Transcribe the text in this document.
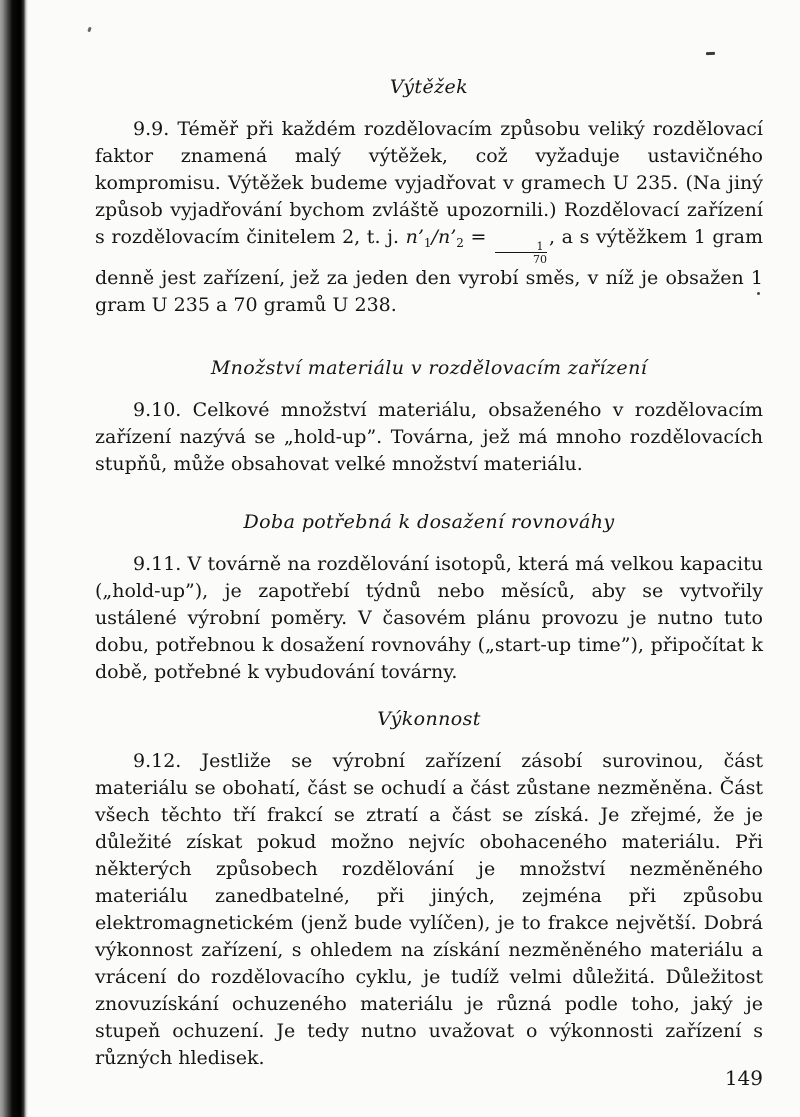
Výtěžek

9.9. Téměř při každém rozdělovacím způsobu veliký rozdělovací faktor znamená malý výtěžek, což vyžaduje ustavičného kompromisu. Výtěžek budeme vyjadřovat v gramech U 235. (Na jiný způsob vyjadřování bychom zvláště upozornili.) Rozdělovací zařízení s rozdělovacím činitelem 2, t. j. $n’_1/n’_2$ =
$\frac{1}{70}$
, a s výtěžkem 1 gram denně jest zařízení, jež za jeden den vyrobí směs, v níž je obsažen 1 gram U 235 a 70 gramů U 238.

Množství materiálu v rozdělovacím zařízení

9.10. Celkové množství materiálu, obsaženého v rozdělovacím zařízení nazývá se „hold-up”. Továrna, jež má mnoho rozdělovacích stupňů, může obsahovat velké množství materiálu.

Doba potřebná k dosažení rovnováhy

9.11. V továrně na rozdělování isotopů, která má velkou kapacitu („hold-up”), je zapotřebí týdnů nebo měsíců, aby se vytvořily ustálené výrobní poměry. V časovém plánu provozu je nutno tuto dobu, potřebnou k dosažení rovnováhy („start-up time”), připočítat k době, potřebné k vybudování továrny.

Výkonnost

9.12. Jestliže se výrobní zařízení zásobí surovinou, část materiálu se obohatí, část se ochudí a část zůstane nezměněna. Část všech těchto tří frakcí se ztratí a část se získá. Je zřejmé, že je důležité získat pokud možno nejvíc obohaceného materiálu. Při některých způsobech rozdělování je množství nezměněného materiálu zanedbatelné, při jiných, zejména při způsobu elektromagnetickém (jenž bude vylíčen), je to frakce největší. Dobrá výkonnost zařízení, s ohledem na získání nezměněného materiálu a vrácení do rozdělovacího cyklu, je tudíž velmi důležitá. Důležitost znovuzískání ochuzeného materiálu je různá podle toho, jaký je stupeň ochuzení. Je tedy nutno uvažovat o výkonnosti zařízení s různých hledisek.

149
